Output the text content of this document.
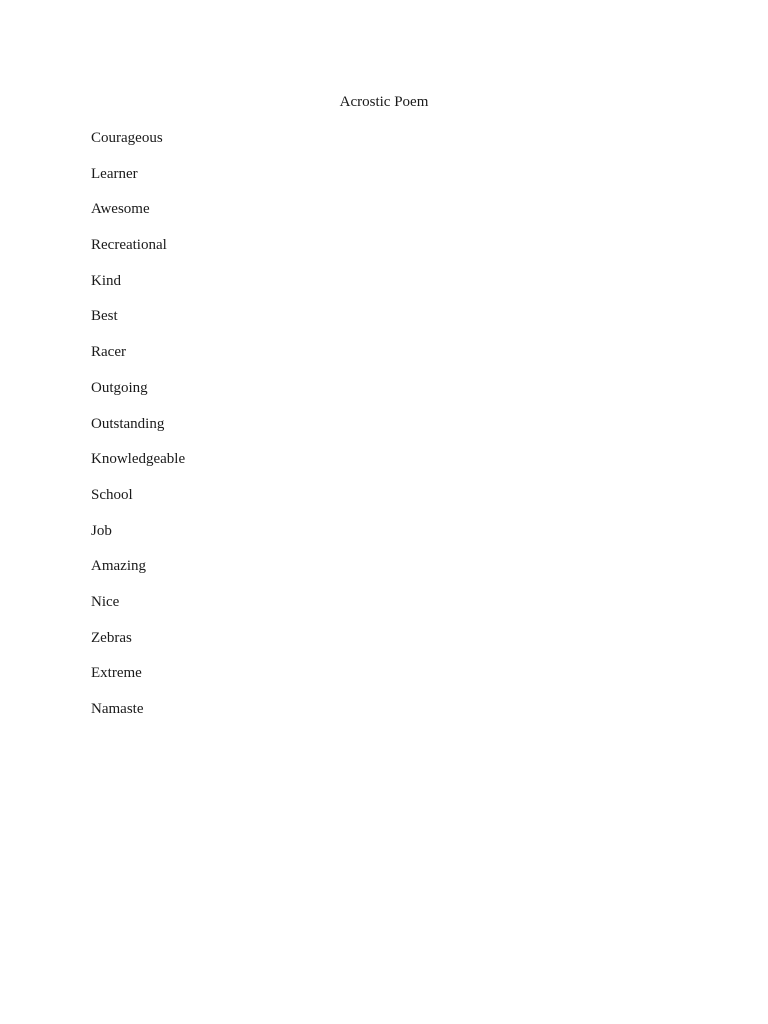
Acrostic Poem
Courageous
Learner
Awesome
Recreational
Kind
Best
Racer
Outgoing
Outstanding
Knowledgeable
School
Job
Amazing
Nice
Zebras
Extreme
Namaste
